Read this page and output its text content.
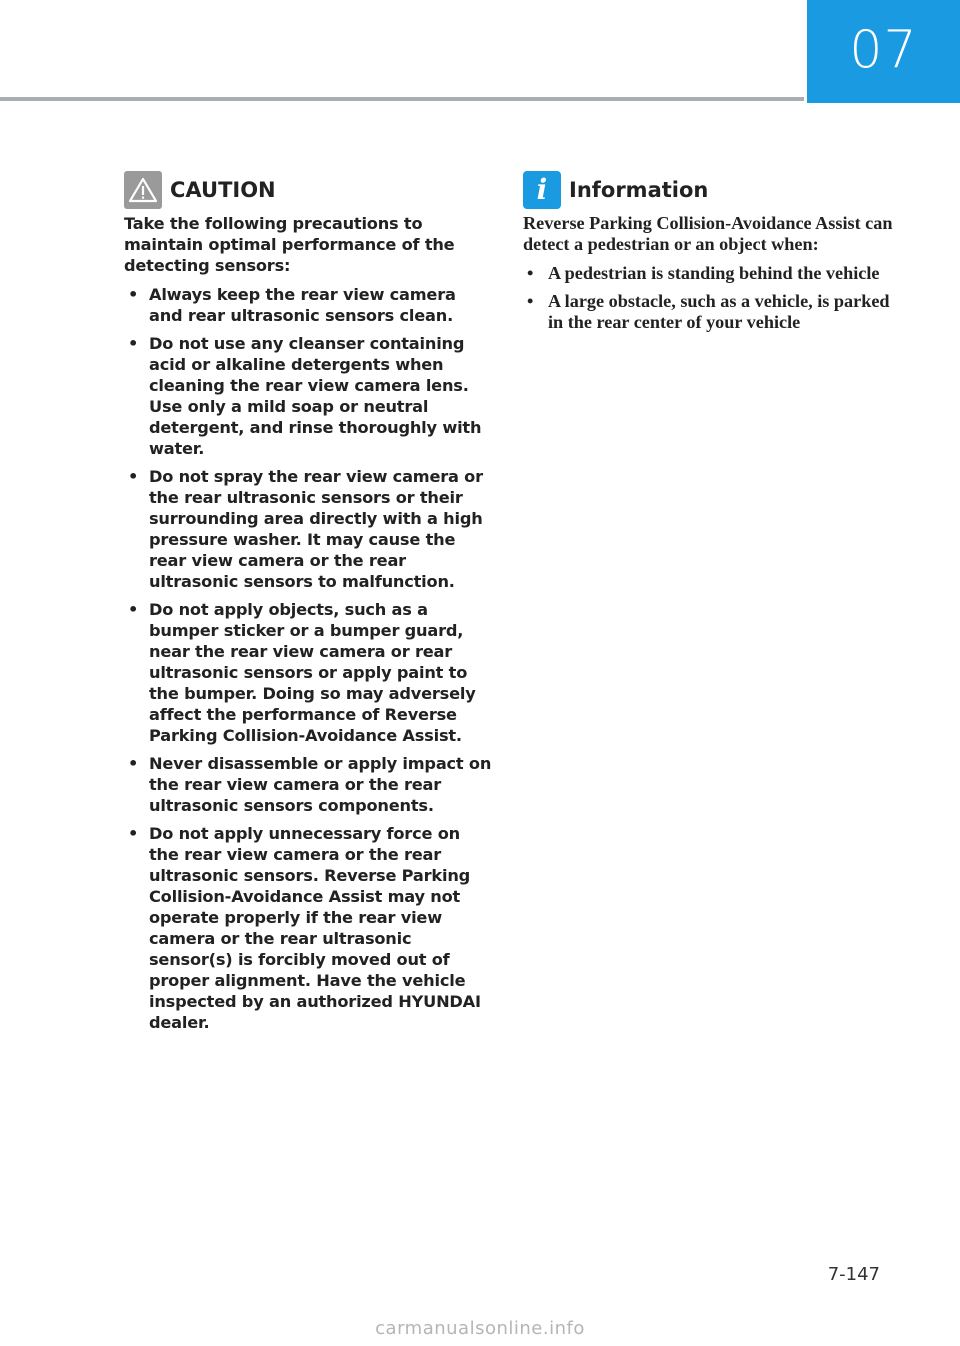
07
CAUTION

Take the following precautions to maintain optimal performance of the detecting sensors:

• Always keep the rear view camera and rear ultrasonic sensors clean.
• Do not use any cleanser containing acid or alkaline detergents when cleaning the rear view camera lens. Use only a mild soap or neutral detergent, and rinse thoroughly with water.
• Do not spray the rear view camera or the rear ultrasonic sensors or their surrounding area directly with a high pressure washer. It may cause the rear view camera or the rear ultrasonic sensors to malfunction.
• Do not apply objects, such as a bumper sticker or a bumper guard, near the rear view camera or rear ultrasonic sensors or apply paint to the bumper. Doing so may adversely affect the performance of Reverse Parking Collision-Avoidance Assist.
• Never disassemble or apply impact on the rear view camera or the rear ultrasonic sensors components.
• Do not apply unnecessary force on the rear view camera or the rear ultrasonic sensors. Reverse Parking Collision-Avoidance Assist may not operate properly if the rear view camera or the rear ultrasonic sensor(s) is forcibly moved out of proper alignment. Have the vehicle inspected by an authorized HYUNDAI dealer.
i Information

Reverse Parking Collision-Avoidance Assist can detect a pedestrian or an object when:

• A pedestrian is standing behind the vehicle
• A large obstacle, such as a vehicle, is parked in the rear center of your vehicle
7-147
carmanualsonline.info
